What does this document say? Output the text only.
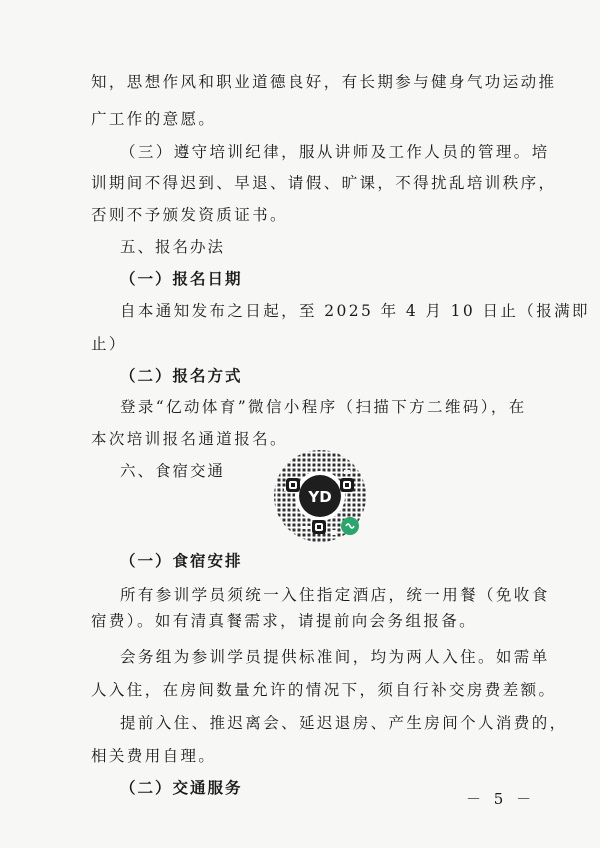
知，思想作风和职业道德良好，有长期参与健身气功运动推
广工作的意愿。
（三）遵守培训纪律，服从讲师及工作人员的管理。培
训期间不得迟到、早退、请假、旷课，不得扰乱培训秩序，
否则不予颁发资质证书。
五、报名办法
（一）报名日期
自本通知发布之日起，至 2025 年 4 月 10 日止（报满即
止）
（二）报名方式
登录“亿动体育”微信小程序（扫描下方二维码），在
本次培训报名通道报名。
六、食宿交通
YD
（一）食宿安排
所有参训学员须统一入住指定酒店，统一用餐（免收食
宿费）。如有清真餐需求，请提前向会务组报备。
会务组为参训学员提供标准间，均为两人入住。如需单
人入住，在房间数量允许的情况下，须自行补交房费差额。
提前入住、推迟离会、延迟退房、产生房间个人消费的，
相关费用自理。
（二）交通服务
－ 5 －
